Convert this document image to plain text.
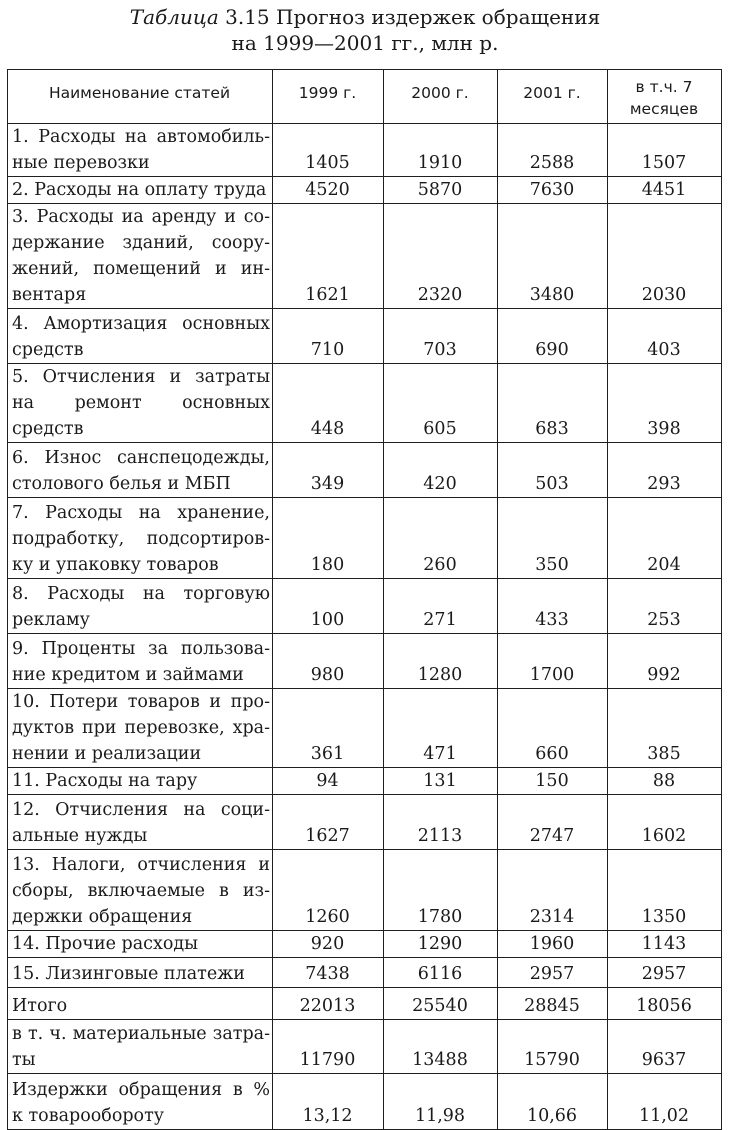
Таблица 3.15 Прогноз издержек обращения
на 1999—2001 гг., млн р.
Наименование статей	1999 г.	2000 г.	2001 г.	в т.ч. 7 месяцев
1. Расходы на автомобиль-ные перевозки	1405	1910	2588	1507
2. Расходы на оплату труда	4520	5870	7630	4451
3. Расходы иа аренду и со-держание зданий, соору-жений, помещений и ин-вентаря	1621	2320	3480	2030
4. Амортизация основных средств	710	703	690	403
5. Отчисления и затраты на ремонт основных средств	448	605	683	398
6. Износ санспецодежды, столового белья и МБП	349	420	503	293
7. Расходы на хранение, подработку, подсортиров-ку и упаковку товаров	180	260	350	204
8. Расходы на торговую рекламу	100	271	433	253
9. Проценты за пользова-ние кредитом и займами	980	1280	1700	992
10. Потери товаров и про-дуктов при перевозке, хра-нении и реализации	361	471	660	385
11. Расходы на тару	94	131	150	88
12. Отчисления на соци-альные нужды	1627	2113	2747	1602
13. Налоги, отчисления и сборы, включаемые в из-держки обращения	1260	1780	2314	1350
14. Прочие расходы	920	1290	1960	1143
15. Лизинговые платежи	7438	6116	2957	2957
Итого	22013	25540	28845	18056
в т. ч. материальные затра-ты	11790	13488	15790	9637
Издержки обращения в % к товарообороту	13,12	11,98	10,66	11,02
